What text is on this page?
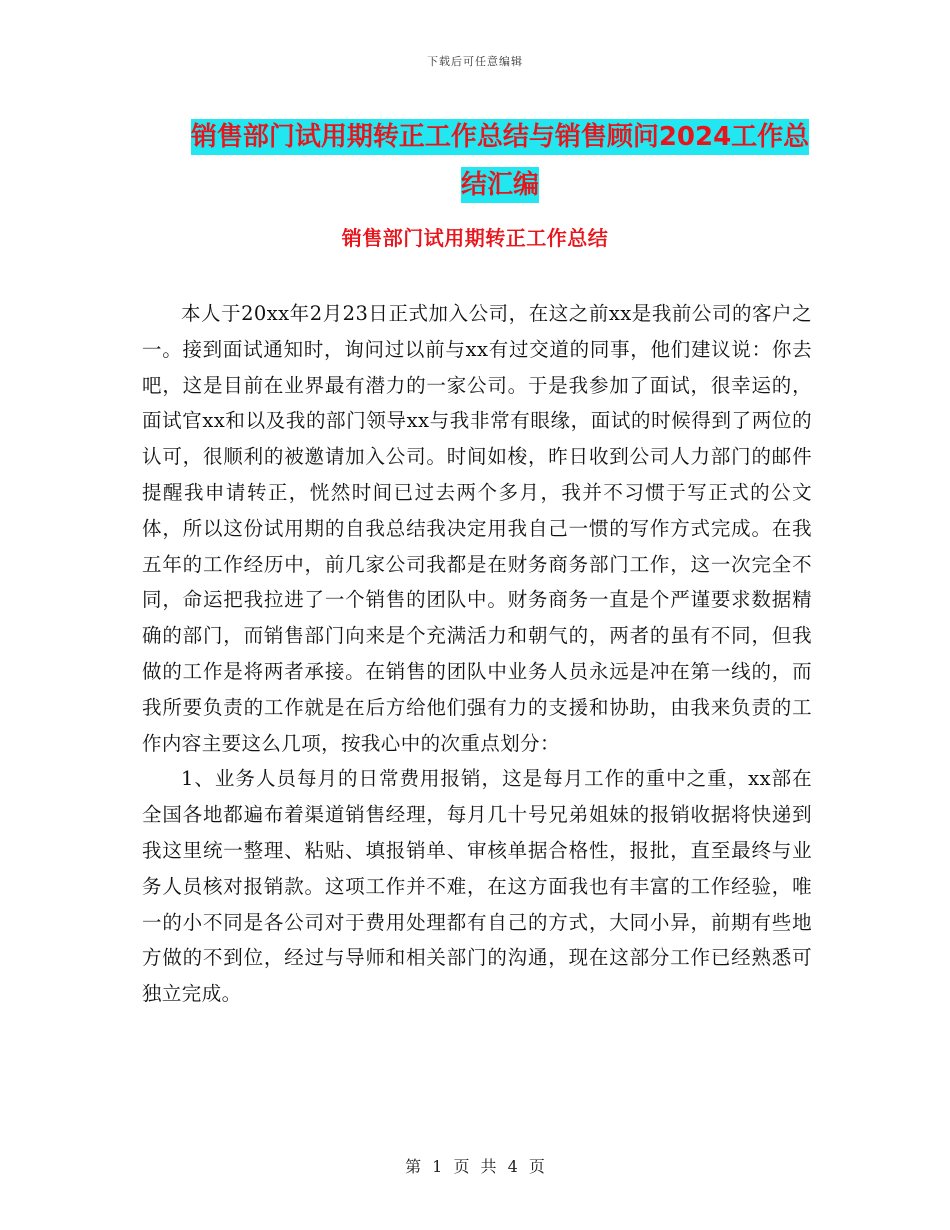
下载后可任意编辑
销售部门试用期转正工作总结与销售顾问2024工作总
结汇编
销售部门试用期转正工作总结

本人于20xx年2月23日正式加入公司，在这之前xx是我前公司的客户之一。接到面试通知时，询问过以前与xx有过交道的同事，他们建议说：你去吧，这是目前在业界最有潜力的一家公司。于是我参加了面试，很幸运的，面试官xx和以及我的部门领导xx与我非常有眼缘，面试的时候得到了两位的认可，很顺利的被邀请加入公司。时间如梭，昨日收到公司人力部门的邮件提醒我申请转正，恍然时间已过去两个多月，我并不习惯于写正式的公文体，所以这份试用期的自我总结我决定用我自己一惯的写作方式完成。在我五年的工作经历中，前几家公司我都是在财务商务部门工作，这一次完全不同，命运把我拉进了一个销售的团队中。财务商务一直是个严谨要求数据精确的部门，而销售部门向来是个充满活力和朝气的，两者的虽有不同，但我做的工作是将两者承接。在销售的团队中业务人员永远是冲在第一线的，而我所要负责的工作就是在后方给他们强有力的支援和协助，由我来负责的工作内容主要这么几项，按我心中的次重点划分：

1、业务人员每月的日常费用报销，这是每月工作的重中之重，xx部在全国各地都遍布着渠道销售经理，每月几十号兄弟姐妹的报销收据将快递到我这里统一整理、粘贴、填报销单、审核单据合格性，报批，直至最终与业务人员核对报销款。这项工作并不难，在这方面我也有丰富的工作经验，唯一的小不同是各公司对于费用处理都有自己的方式，大同小异，前期有些地方做的不到位，经过与导师和相关部门的沟通，现在这部分工作已经熟悉可独立完成。

第 1 页 共 4 页
